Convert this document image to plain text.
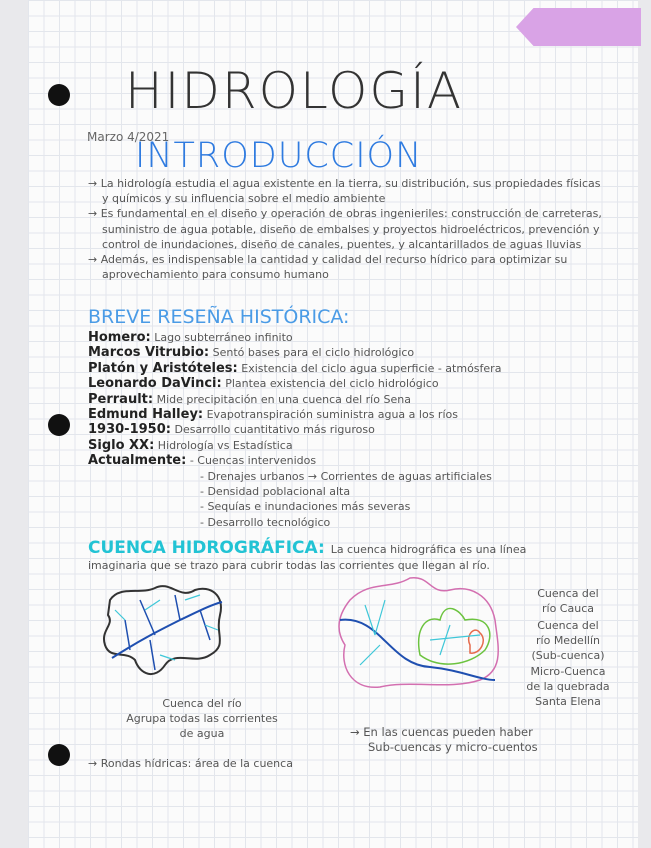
HIDROLOGÍA
Marzo 4/2021
INTRODUCCIÓN

→ La hidrología estudia el agua existente en la tierra, su distribución, sus propiedades físicas y químicos y su influencia sobre el medio ambiente

→ Es fundamental en el diseño y operación de obras ingenieriles: construcción de carreteras, suministro de agua potable, diseño de embalses y proyectos hidroeléctricos, prevención y control de inundaciones, diseño de canales, puentes, y alcantarillados de aguas lluvias

→ Además, es indispensable la cantidad y calidad del recurso hídrico para optimizar su aprovechamiento para consumo humano

BREVE RESEÑA HISTÓRICA:
Homero: Lago subterráneo infinito
Marcos Vitrubio: Sentó bases para el ciclo hidrológico
Platón y Aristóteles: Existencia del ciclo agua superficie - atmósfera
Leonardo DaVinci: Plantea existencia del ciclo hidrológico
Perrault: Mide precipitación en una cuenca del río Sena
Edmund Halley: Evapotranspiración suministra agua a los ríos
1930-1950: Desarrollo cuantitativo más riguroso
Siglo XX: Hidrología vs Estadística
Actualmente: - Cuencas intervenidos
- Drenajes urbanos → Corrientes de aguas artificiales
- Densidad poblacional alta
- Sequías e inundaciones más severas
- Desarrollo tecnológico
CUENCA HIDROGRÁFICA: La cuenca hidrográfica es una línea
imaginaria que se trazo para cubrir todas las corrientes que llegan al río.
Cuenca del río
Agrupa todas las corrientes
de agua
Cuenca del
río Cauca
Cuenca del
río Medellín
(Sub-cuenca)
Micro-Cuenca
de la quebrada
Santa Elena
→ En las cuencas pueden haber
Sub-cuencas y micro-cuentos
→ Rondas hídricas: área de la cuenca
